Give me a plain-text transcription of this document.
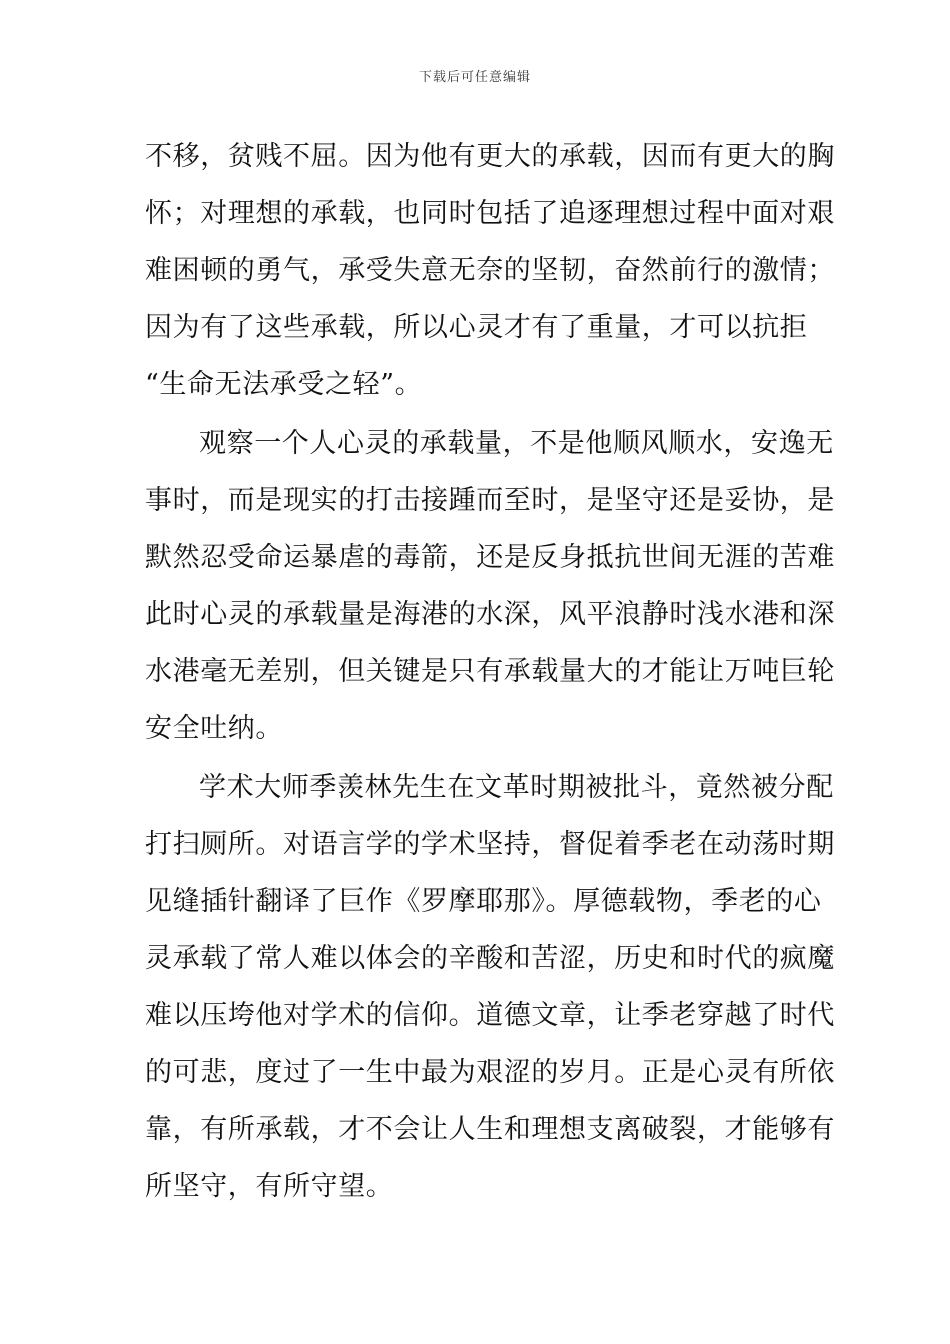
下载后可任意编辑
不移，贫贱不屈。因为他有更大的承载，因而有更大的胸
怀；对理想的承载，也同时包括了追逐理想过程中面对艰
难困顿的勇气，承受失意无奈的坚韧，奋然前行的激情；
因为有了这些承载，所以心灵才有了重量，才可以抗拒
“生命无法承受之轻”。
观察一个人心灵的承载量，不是他顺风顺水，安逸无
事时，而是现实的打击接踵而至时，是坚守还是妥协，是
默然忍受命运暴虐的毒箭，还是反身抵抗世间无涯的苦难
此时心灵的承载量是海港的水深，风平浪静时浅水港和深
水港毫无差别，但关键是只有承载量大的才能让万吨巨轮
安全吐纳。
学术大师季羡林先生在文革时期被批斗，竟然被分配
打扫厕所。对语言学的学术坚持，督促着季老在动荡时期
见缝插针翻译了巨作《罗摩耶那》。厚德载物，季老的心
灵承载了常人难以体会的辛酸和苦涩，历史和时代的疯魔
难以压垮他对学术的信仰。道德文章，让季老穿越了时代
的可悲，度过了一生中最为艰涩的岁月。正是心灵有所依
靠，有所承载，才不会让人生和理想支离破裂，才能够有
所坚守，有所守望。
